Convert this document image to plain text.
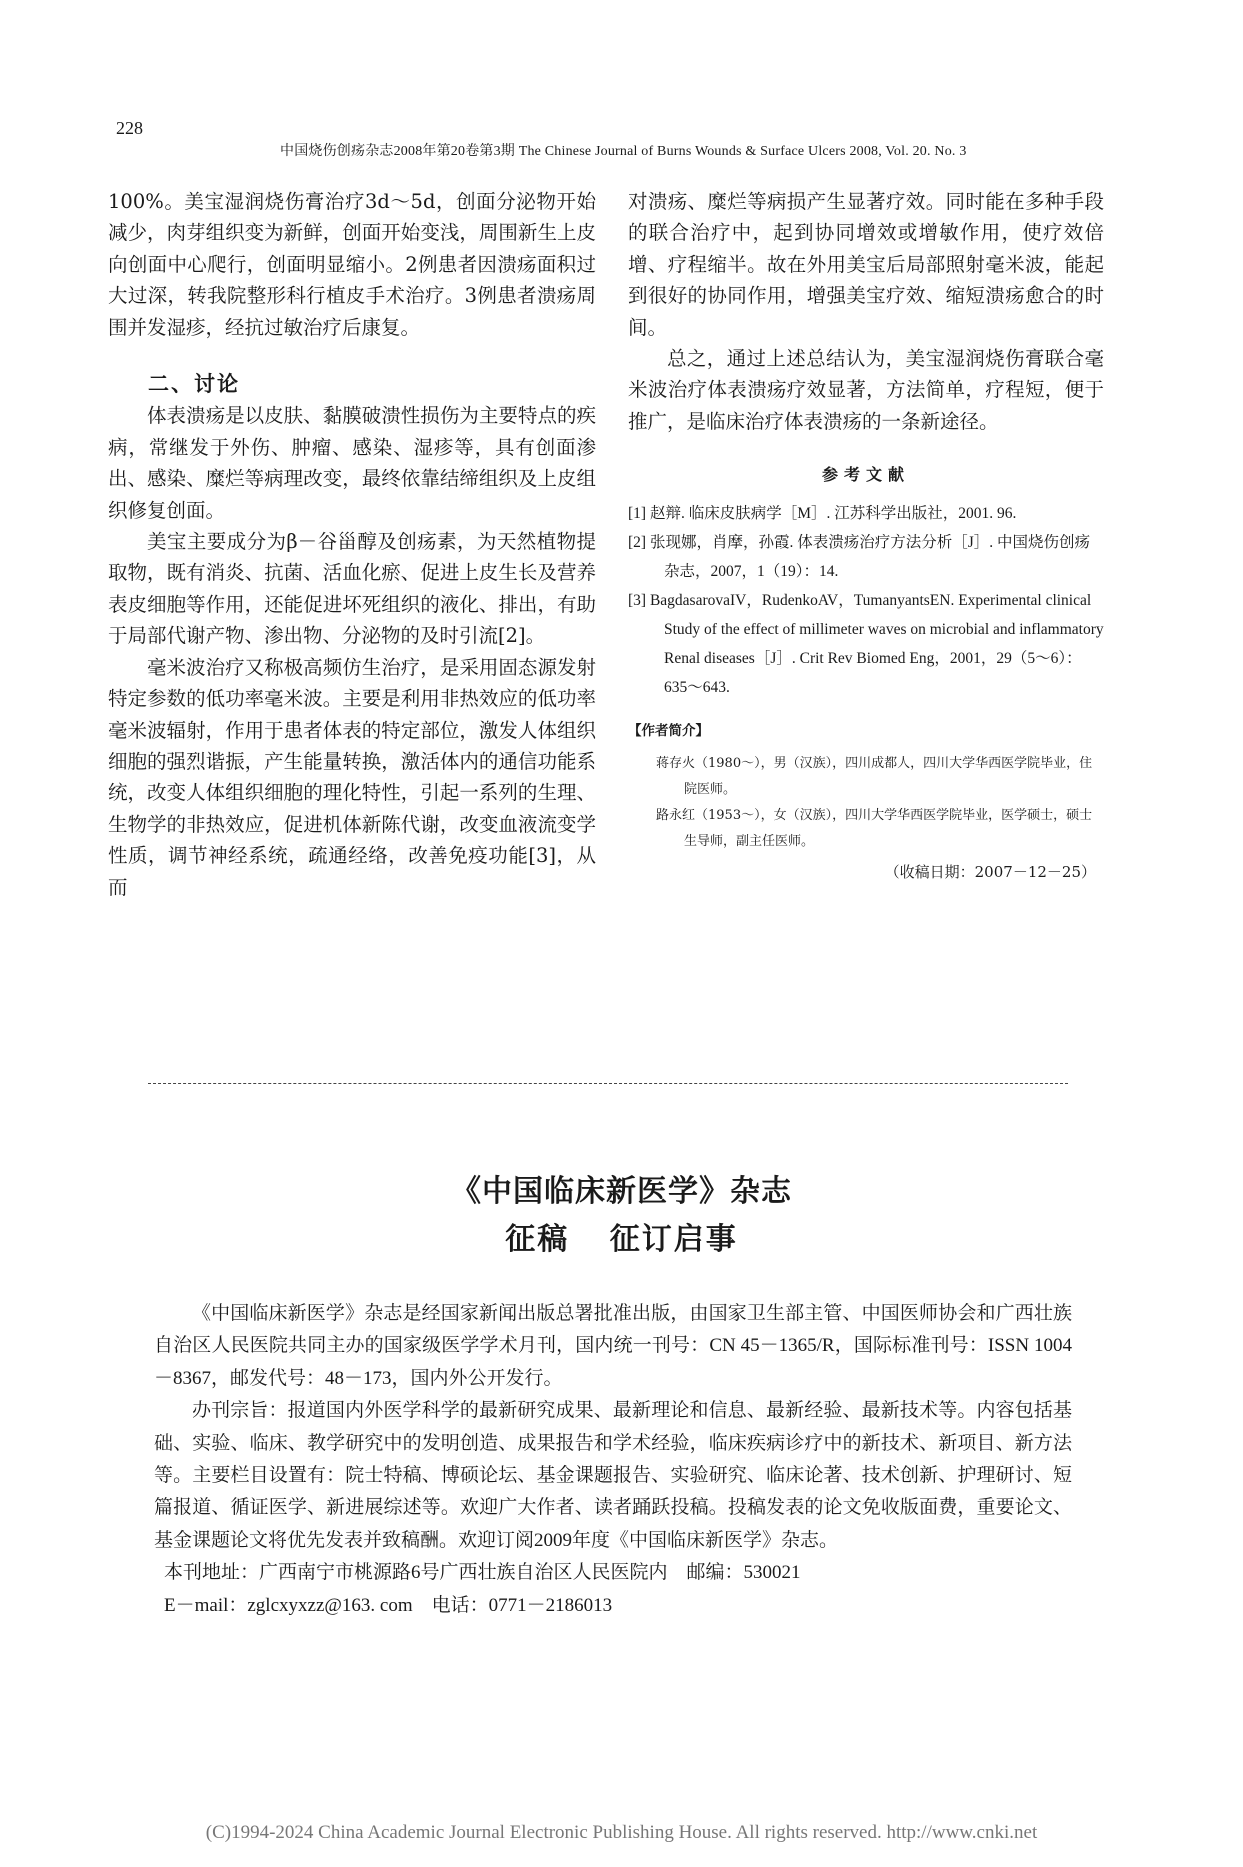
228
中国烧伤创疡杂志2008年第20卷第3期 The Chinese Journal of Burns Wounds & Surface Ulcers 2008, Vol. 20. No. 3

100%。美宝湿润烧伤膏治疗3d～5d，创面分泌物开始减少，肉芽组织变为新鲜，创面开始变浅，周围新生上皮向创面中心爬行，创面明显缩小。2例患者因溃疡面积过大过深，转我院整形科行植皮手术治疗。3例患者溃疡周围并发湿疹，经抗过敏治疗后康复。

二、讨论

体表溃疡是以皮肤、黏膜破溃性损伤为主要特点的疾病，常继发于外伤、肿瘤、感染、湿疹等，具有创面渗出、感染、糜烂等病理改变，最终依靠结缔组织及上皮组织修复创面。

美宝主要成分为β－谷甾醇及创疡素，为天然植物提取物，既有消炎、抗菌、活血化瘀、促进上皮生长及营养表皮细胞等作用，还能促进坏死组织的液化、排出，有助于局部代谢产物、渗出物、分泌物的及时引流[2]。

毫米波治疗又称极高频仿生治疗，是采用固态源发射特定参数的低功率毫米波。主要是利用非热效应的低功率毫米波辐射，作用于患者体表的特定部位，激发人体组织细胞的强烈谐振，产生能量转换，激活体内的通信功能系统，改变人体组织细胞的理化特性，引起一系列的生理、生物学的非热效应，促进机体新陈代谢，改变血液流变学性质，调节神经系统，疏通经络，改善免疫功能[3]，从而

对溃疡、糜烂等病损产生显著疗效。同时能在多种手段的联合治疗中，起到协同增效或增敏作用，使疗效倍增、疗程缩半。故在外用美宝后局部照射毫米波，能起到很好的协同作用，增强美宝疗效、缩短溃疡愈合的时间。

总之，通过上述总结认为，美宝湿润烧伤膏联合毫米波治疗体表溃疡疗效显著，方法简单，疗程短，便于推广，是临床治疗体表溃疡的一条新途径。

参考文献

[1] 赵辩. 临床皮肤病学［M］. 江苏科学出版社，2001. 96.

[2] 张现娜，肖摩，孙霞. 体表溃疡治疗方法分析［J］. 中国烧伤创疡杂志，2007，1（19）：14.

[3] BagdasarovaIV，RudenkoAV，TumanyantsEN. Experimental clinical Study of the effect of millimeter waves on microbial and inflammatory Renal diseases［J］. Crit Rev Biomed Eng，2001，29（5～6）：635～643.

【作者简介】

蒋存火（1980～），男（汉族），四川成都人，四川大学华西医学院毕业，住院医师。

路永红（1953～），女（汉族），四川大学华西医学院毕业，医学硕士，硕士生导师，副主任医师。

（收稿日期：2007－12－25）

《中国临床新医学》杂志
征稿 征订启事

《中国临床新医学》杂志是经国家新闻出版总署批准出版，由国家卫生部主管、中国医师协会和广西壮族自治区人民医院共同主办的国家级医学学术月刊，国内统一刊号：CN 45－1365/R，国际标准刊号：ISSN 1004－8367，邮发代号：48－173，国内外公开发行。

办刊宗旨：报道国内外医学科学的最新研究成果、最新理论和信息、最新经验、最新技术等。内容包括基础、实验、临床、教学研究中的发明创造、成果报告和学术经验，临床疾病诊疗中的新技术、新项目、新方法等。主要栏目设置有：院士特稿、博硕论坛、基金课题报告、实验研究、临床论著、技术创新、护理研讨、短篇报道、循证医学、新进展综述等。欢迎广大作者、读者踊跃投稿。投稿发表的论文免收版面费，重要论文、基金课题论文将优先发表并致稿酬。欢迎订阅2009年度《中国临床新医学》杂志。

本刊地址：广西南宁市桃源路6号广西壮族自治区人民医院内　邮编：530021

E－mail：zglcxyxzz@163. com　电话：0771－2186013

(C)1994-2024 China Academic Journal Electronic Publishing House. All rights reserved. http://www.cnki.net
